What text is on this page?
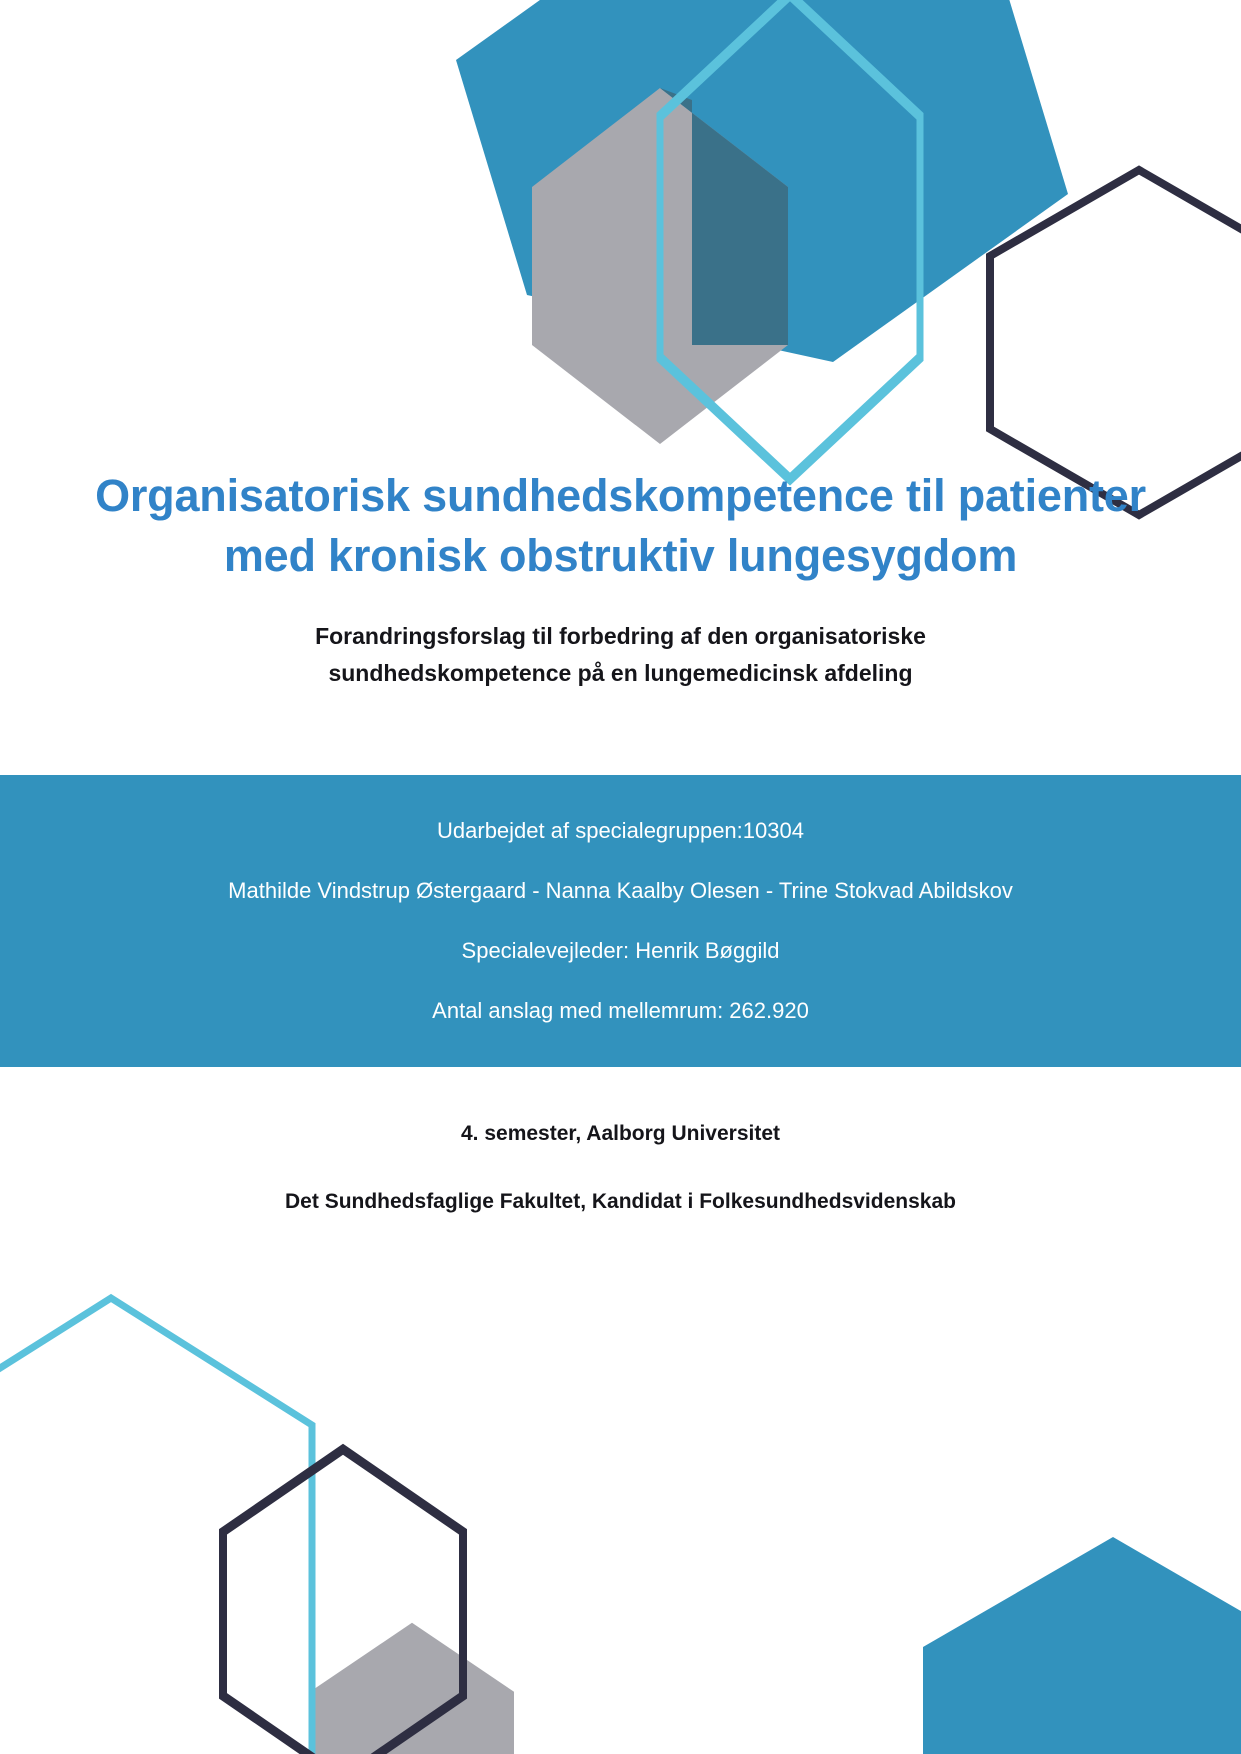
Organisatorisk sundhedskompetence til patienter med kronisk obstruktiv lungesygdom

Forandringsforslag til forbedring af den organisatoriske sundhedskompetence på en lungemedicinsk afdeling

Udarbejdet af specialegruppen:10304
Mathilde Vindstrup Østergaard - Nanna Kaalby Olesen - Trine Stokvad Abildskov
Specialevejleder: Henrik Bøggild
Antal anslag med mellemrum: 262.920

4. semester, Aalborg Universitet

Det Sundhedsfaglige Fakultet, Kandidat i Folkesundhedsvidenskab
